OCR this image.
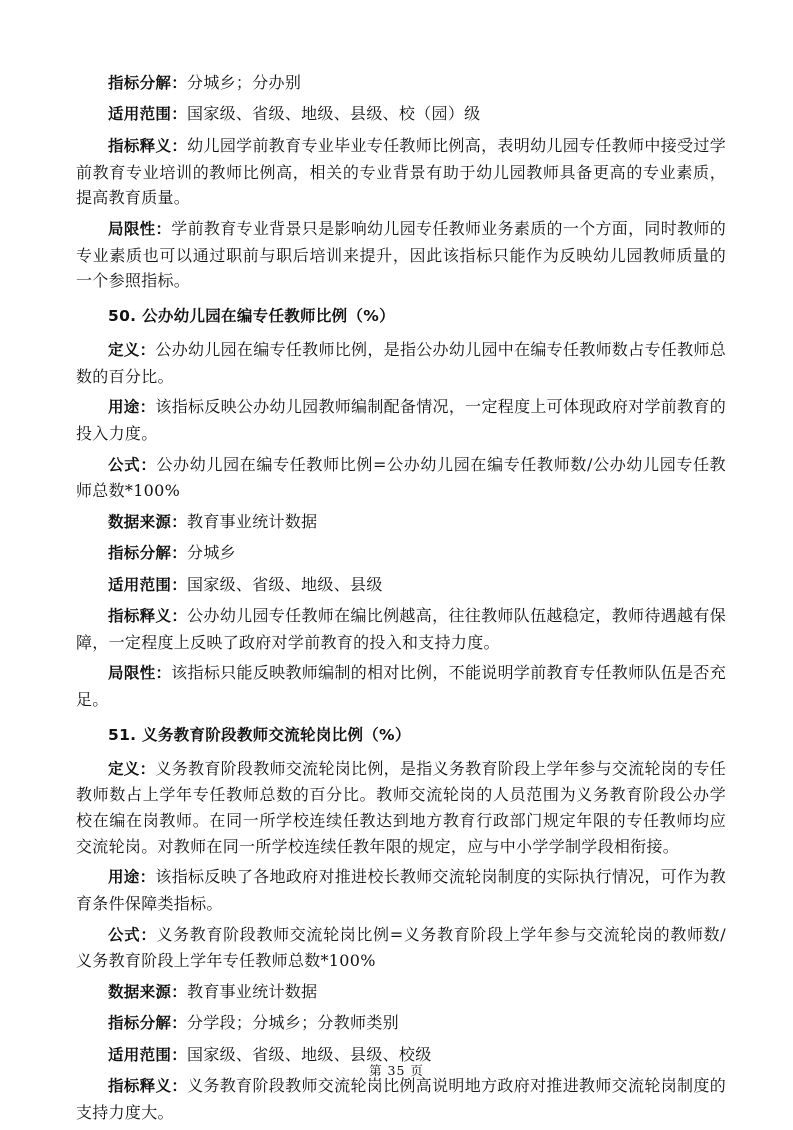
指标分解：分城乡；分办别

适用范围：国家级、省级、地级、县级、校（园）级

指标释义：幼儿园学前教育专业毕业专任教师比例高，表明幼儿园专任教师中接受过学前教育专业培训的教师比例高，相关的专业背景有助于幼儿园教师具备更高的专业素质，提高教育质量。

局限性：学前教育专业背景只是影响幼儿园专任教师业务素质的一个方面，同时教师的专业素质也可以通过职前与职后培训来提升，因此该指标只能作为反映幼儿园教师质量的一个参照指标。

50. 公办幼儿园在编专任教师比例（%）

定义：公办幼儿园在编专任教师比例，是指公办幼儿园中在编专任教师数占专任教师总数的百分比。

用途：该指标反映公办幼儿园教师编制配备情况，一定程度上可体现政府对学前教育的投入力度。

公式：公办幼儿园在编专任教师比例=公办幼儿园在编专任教师数/公办幼儿园专任教师总数*100%

数据来源：教育事业统计数据

指标分解：分城乡

适用范围：国家级、省级、地级、县级

指标释义：公办幼儿园专任教师在编比例越高，往往教师队伍越稳定，教师待遇越有保障，一定程度上反映了政府对学前教育的投入和支持力度。

局限性：该指标只能反映教师编制的相对比例，不能说明学前教育专任教师队伍是否充足。

51. 义务教育阶段教师交流轮岗比例（%）

定义：义务教育阶段教师交流轮岗比例，是指义务教育阶段上学年参与交流轮岗的专任教师数占上学年专任教师总数的百分比。教师交流轮岗的人员范围为义务教育阶段公办学校在编在岗教师。在同一所学校连续任教达到地方教育行政部门规定年限的专任教师均应交流轮岗。对教师在同一所学校连续任教年限的规定，应与中小学学制学段相衔接。

用途：该指标反映了各地政府对推进校长教师交流轮岗制度的实际执行情况，可作为教育条件保障类指标。

公式：义务教育阶段教师交流轮岗比例=义务教育阶段上学年参与交流轮岗的教师数/义务教育阶段上学年专任教师总数*100%

数据来源：教育事业统计数据

指标分解：分学段；分城乡；分教师类别

适用范围：国家级、省级、地级、县级、校级

指标释义：义务教育阶段教师交流轮岗比例高说明地方政府对推进教师交流轮岗制度的支持力度大。

第 35 页
